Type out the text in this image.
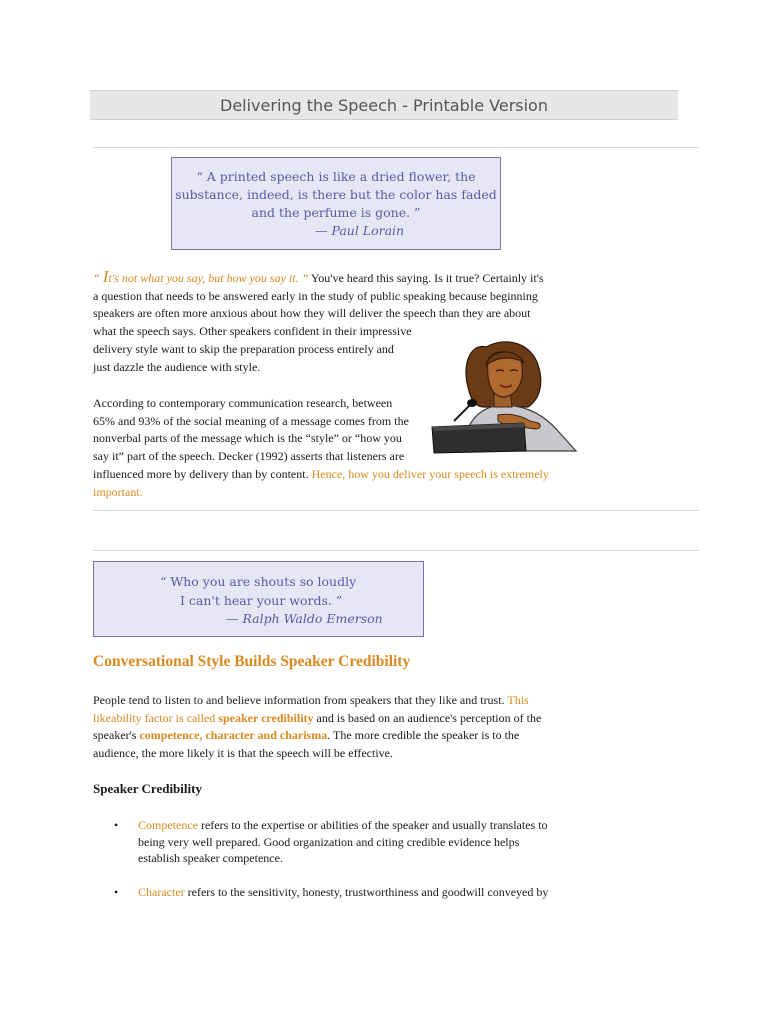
Delivering the Speech - Printable Version
“ A printed speech is like a dried flower, the
substance, indeed, is there but the color has faded
and the perfume is gone. ”
— Paul Lorain
“ It's not what you say, but how you say it. ” You've heard this saying. Is it true? Certainly it's
a question that needs to be answered early in the study of public speaking because beginning
speakers are often more anxious about how they will deliver the speech than they are about
what the speech says. Other speakers confident in their impressive
delivery style want to skip the preparation process entirely and
just dazzle the audience with style.
According to contemporary communication research, between
65% and 93% of the social meaning of a message comes from the
nonverbal parts of the message which is the “style” or “how you
say it” part of the speech. Decker (1992) asserts that listeners are
influenced more by delivery than by content. Hence, how you deliver your speech is extremely
important.
“ Who you are shouts so loudly
I can't hear your words. ”
— Ralph Waldo Emerson
Conversational Style Builds Speaker Credibility
People tend to listen to and believe information from speakers that they like and trust. This
likeability factor is called speaker credibility and is based on an audience's perception of the
speaker's competence, character and charisma. The more credible the speaker is to the
audience, the more likely it is that the speech will be effective.
Speaker Credibility
• Competence refers to the expertise or abilities of the speaker and usually translates to
being very well prepared. Good organization and citing credible evidence helps
establish speaker competence.
• Character refers to the sensitivity, honesty, trustworthiness and goodwill conveyed by
